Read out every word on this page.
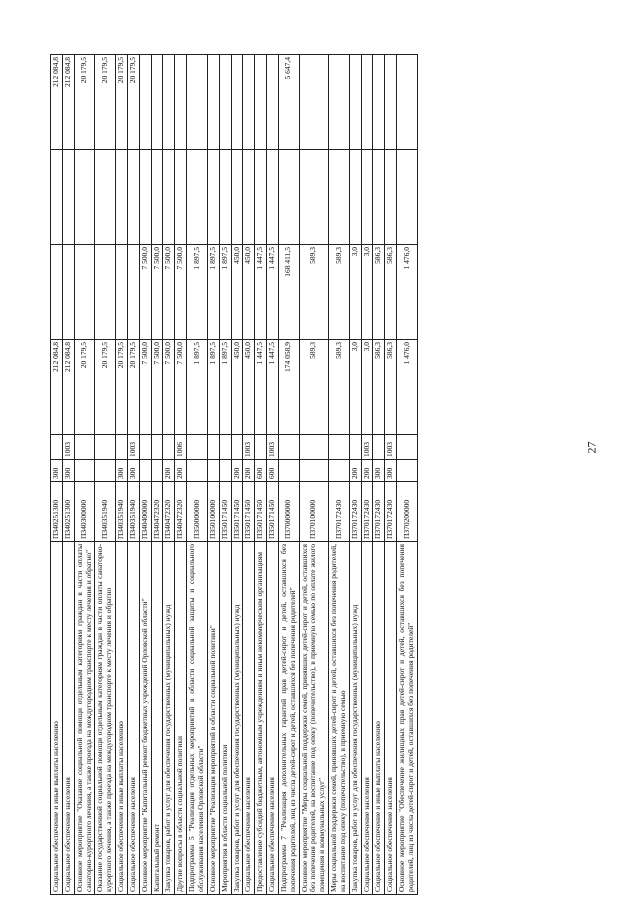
27
Социальное обеспечение и иные выплаты населению	П340251300	300		212 084,8			212 084,8
Социальное обеспечение населения	П340251300	300	1003	212 084,8			212 084,8
Основное мероприятие "Оказание социальной помощи отдельным категориям граждан в части оплаты санаторно-курортного лечения, а также проезда на междугородном транспорте к месту лечения и обратно"	П340300000			20 179,5			20 179,5
Оказание государственной социальной помощи отдельным категориям граждан в части оплаты санаторно-курортного лечения, а также проезда на междугородном транспорте к месту лечения и обратно	П340351940			20 179,5			20 179,5
Социальное обеспечение и иные выплаты населению	П340351940	300		20 179,5			20 179,5
Социальное обеспечение населения	П340351940	300	1003	20 179,5			20 179,5
Основное мероприятие "Капитальный ремонт бюджетных учреждений Орловской области"	П340400000			7 500,0	7 500,0		
Капитальный ремонт	П340472320			7 500,0	7 500,0		
Закупка товаров, работ и услуг для обеспечения государственных (муниципальных) нужд	П340472320	200		7 500,0	7 500,0		
Другие вопросы в области социальной политики	П340472320	200	1006	7 500,0	7 500,0		
Подпрограмма 5 "Реализация отдельных мероприятий в области социальной защиты и социального обслуживания населения Орловской области"	П350000000			1 897,5	1 897,5		
Основное мероприятие "Реализация мероприятий в области социальной политики"	П350100000			1 897,5	1 897,5		
Мероприятия в области социальной политики	П350171450			1 897,5	1 897,5		
Закупка товаров, работ и услуг для обеспечения государственных (муниципальных) нужд	П350171450	200		450,0	450,0		
Социальное обеспечение населения	П350171450	200	1003	450,0	450,0		
Предоставление субсидий бюджетным, автономным учреждениям и иным некоммерческим организациям	П350171450	600		1 447,5	1 447,5		
Социальное обеспечение населения	П350171450	600	1003	1 447,5	1 447,5		
Подпрограмма 7 "Реализация дополнительных гарантий прав детей-сирот и детей, оставшихся без попечения родителей, лиц из числа детей-сирот и детей, оставшихся без попечения родителей"	П370000000			174 058,9	168 411,5		5 647,4
Основное мероприятие "Меры социальной поддержки семей, принявших детей-сирот и детей, оставшихся без попечения родителей, на воспитание под опеку (попечительство), в приемную семью по оплате жилого помещения и коммунальных услуг"	П370100000			589,3	589,3		
Меры социальной поддержки семей, принявших детей-сирот и детей, оставшихся без попечения родителей, на воспитание под опеку (попечительство), в приемную семью	П370172430			589,3	589,3		
Закупка товаров, работ и услуг для обеспечения государственных (муниципальных) нужд	П370172430	200		3,0	3,0		
Социальное обеспечение населения	П370172430	200	1003	3,0	3,0		
Социальное обеспечение и иные выплаты населению	П370172430	300		586,3	586,3		
Социальное обеспечение населения	П370172430	300	1003	586,3	586,3		
Основное мероприятие "Обеспечение жилищных прав детей-сирот и детей, оставшихся без попечения родителей, лиц из числа детей-сирот и детей, оставшихся без попечения родителей"	П370200000			1 476,0	1 476,0		
